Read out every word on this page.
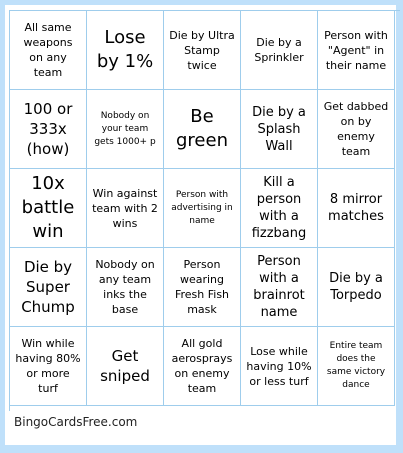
All same weapons on any team
Lose by 1%
Die by Ultra Stamp twice
Die by a Sprinkler
Person with "Agent" in their name
100 or 333x (how)
Nobody on your team gets 1000+ p
Be green
Die by a Splash Wall
Get dabbed on by enemy team
10x battle win
Win against team with 2 wins
Person with advertising in name
Kill a person with a fizzbang
8 mirror matches
Die by Super Chump
Nobody on any team inks the base
Person wearing Fresh Fish mask
Person with a brainrot name
Die by a Torpedo
Win while having 80% or more turf
Get sniped
All gold aerosprays on enemy team
Lose while having 10% or less turf
Entire team does the same victory dance
BingoCardsFree.com
